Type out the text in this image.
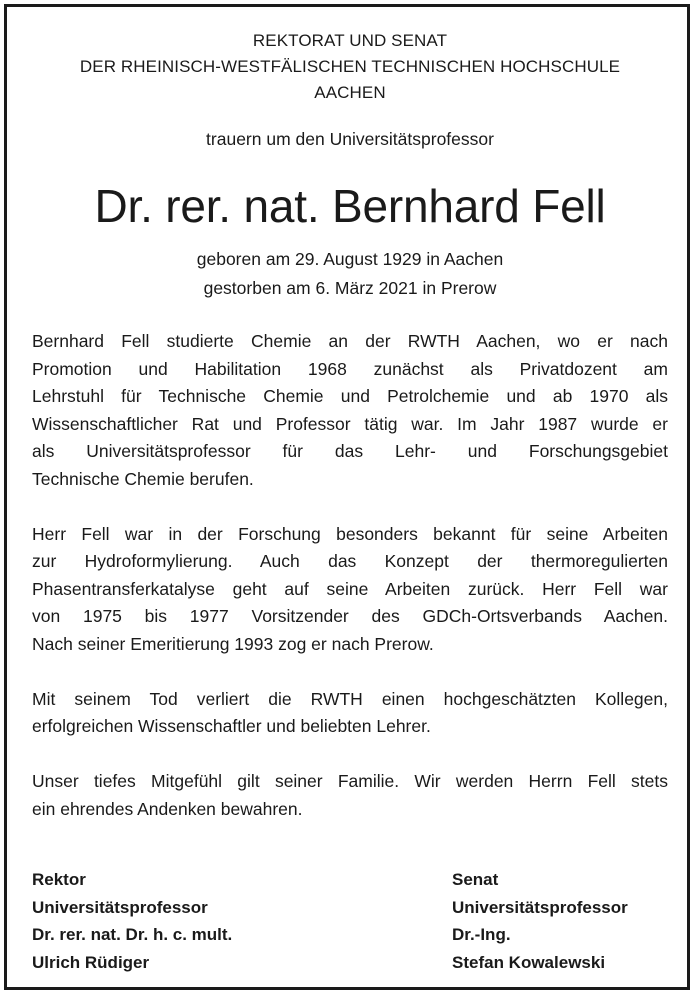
REKTORAT UND SENAT
DER RHEINISCH-WESTFÄLISCHEN TECHNISCHEN HOCHSCHULE
AACHEN
trauern um den Universitätsprofessor
Dr. rer. nat. Bernhard Fell
geboren am 29. August 1929 in Aachen
gestorben am 6. März 2021 in Prerow

Bernhard Fell studierte Chemie an der RWTH Aachen, wo er nach
Promotion und Habilitation 1968 zunächst als Privatdozent am
Lehrstuhl für Technische Chemie und Petrolchemie und ab 1970 als
Wissenschaftlicher Rat und Professor tätig war. Im Jahr 1987 wurde er
als Universitätsprofessor für das Lehr- und Forschungsgebiet
Technische Chemie berufen.

Herr Fell war in der Forschung besonders bekannt für seine Arbeiten
zur Hydroformylierung. Auch das Konzept der thermoregulierten
Phasentransferkatalyse geht auf seine Arbeiten zurück. Herr Fell war
von 1975 bis 1977 Vorsitzender des GDCh-Ortsverbands Aachen.
Nach seiner Emeritierung 1993 zog er nach Prerow.

Mit seinem Tod verliert die RWTH einen hochgeschätzten Kollegen,
erfolgreichen Wissenschaftler und beliebten Lehrer.

Unser tiefes Mitgefühl gilt seiner Familie. Wir werden Herrn Fell stets
ein ehrendes Andenken bewahren.

Rektor
Universitätsprofessor
Dr. rer. nat. Dr. h. c. mult.
Ulrich Rüdiger
Senat
Universitätsprofessor
Dr.-Ing.
Stefan Kowalewski
